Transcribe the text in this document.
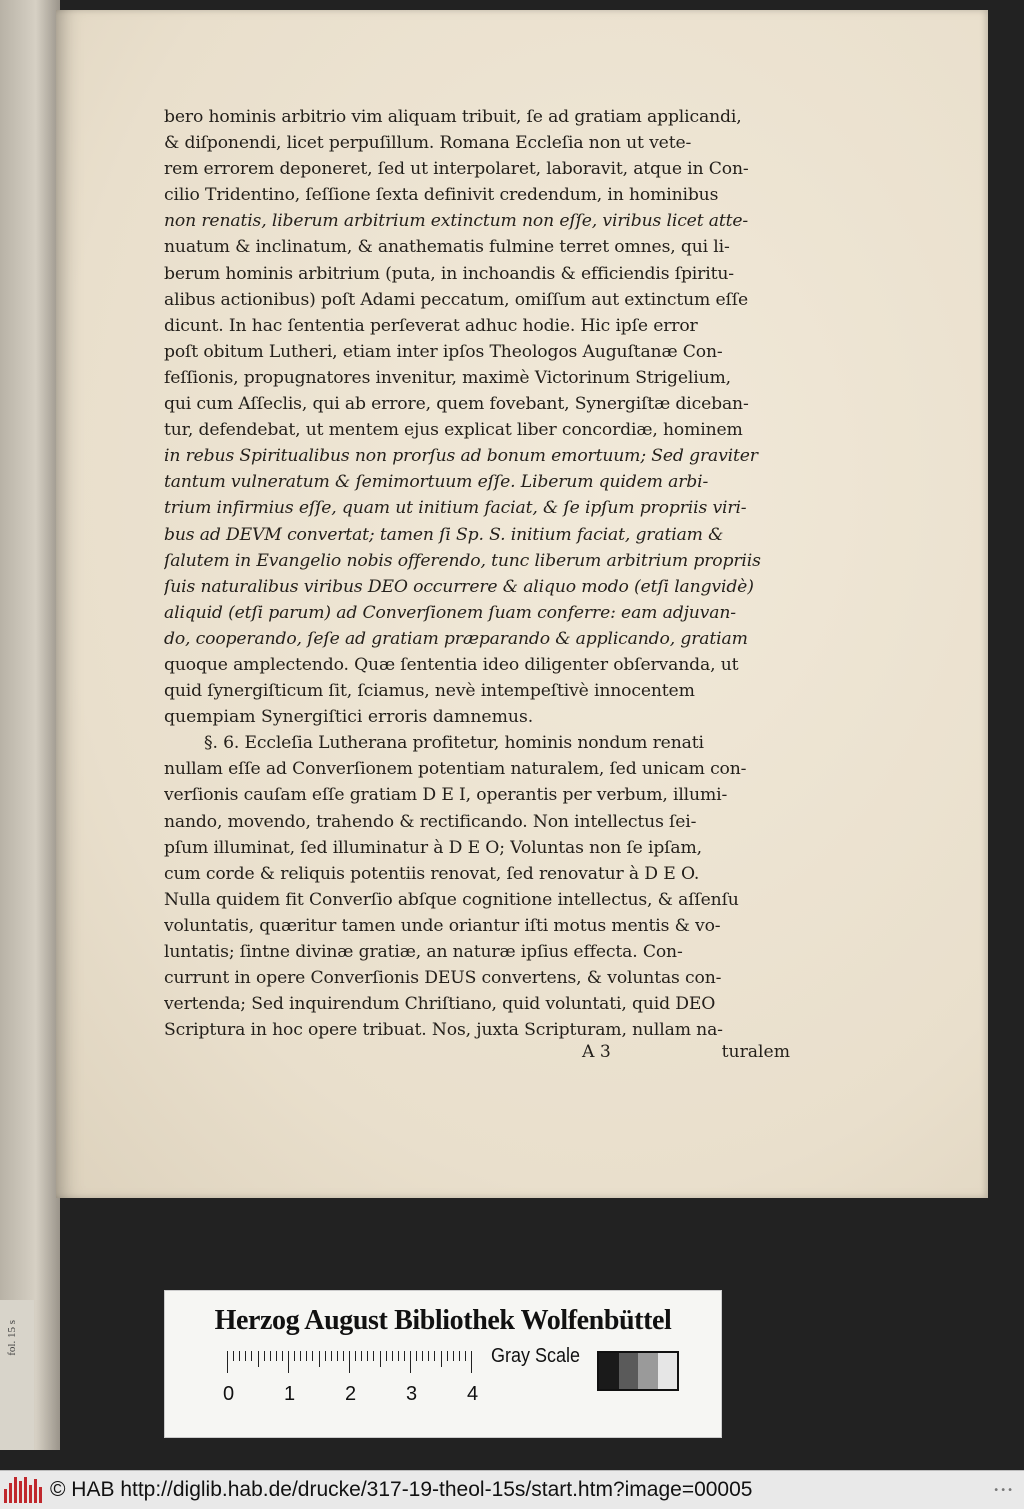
fol. 15 s
bero hominis arbitrio vim aliquam tribuit, ſe ad gratiam applicandi,
& diſponendi, licet perpuſillum. Romana Eccleſia non ut vete-
rem errorem deponeret, ſed ut interpolaret, laboravit, atque in Con-
cilio Tridentino, ſeſſione ſexta definivit credendum, in hominibus
non renatis, liberum arbitrium extinctum non eſſe, viribus licet atte-
nuatum & inclinatum, & anathematis fulmine terret omnes, qui li-
berum hominis arbitrium (puta, in inchoandis & efficiendis ſpiritu-
alibus actionibus) poſt Adami peccatum, omiſſum aut extinctum eſſe
dicunt. In hac ſententia perſeverat adhuc hodie. Hic ipſe error
poſt obitum Lutheri, etiam inter ipſos Theologos Auguſtanæ Con-
feſſionis, propugnatores invenitur, maximè Victorinum Strigelium,
qui cum Aſſeclis, qui ab errore, quem fovebant, Synergiſtæ diceban-
tur, defendebat, ut mentem ejus explicat liber concordiæ, hominem
in rebus Spiritualibus non prorſus ad bonum emortuum; Sed graviter
tantum vulneratum & ſemimortuum eſſe. Liberum quidem arbi-
trium infirmius eſſe, quam ut initium faciat, & ſe ipſum propriis viri-
bus ad DEVM convertat; tamen ſi Sp. S. initium faciat, gratiam &
ſalutem in Evangelio nobis offerendo, tunc liberum arbitrium propriis
ſuis naturalibus viribus DEO occurrere & aliquo modo (etſi langvidè)
aliquid (etſi parum) ad Converſionem ſuam conferre: eam adjuvan-
do, cooperando, ſeſe ad gratiam præparando & applicando, gratiam
quoque amplectendo. Quæ ſententia ideo diligenter obſervanda, ut
quid ſynergiſticum ſit, ſciamus, nevè intempeſtivè innocentem
quempiam Synergiſtici erroris damnemus.
§. 6. Eccleſia Lutherana profitetur, hominis nondum renati
nullam eſſe ad Converſionem potentiam naturalem, ſed unicam con-
verſionis cauſam eſſe gratiam D E I, operantis per verbum, illumi-
nando, movendo, trahendo & rectificando. Non intellectus ſei-
pſum illuminat, ſed illuminatur à D E O; Voluntas non ſe ipſam,
cum corde & reliquis potentiis renovat, ſed renovatur à D E O.
Nulla quidem fit Converſio abſque cognitione intellectus, & aſſenſu
voluntatis, quæritur tamen unde oriantur iſti motus mentis & vo-
luntatis; ſintne divinæ gratiæ, an naturæ ipſius effecta. Con-
currunt in opere Converſionis DEUS convertens, & voluntas con-
vertenda; Sed inquirendum Chriſtiano, quid voluntati, quid DEO
Scriptura in hoc opere tribuat. Nos, juxta Scripturam, nullam na-
A 3	turalem
Herzog August Bibliothek Wolfenbüttel
0 1 2 3 4
Gray Scale
© HAB http://diglib.hab.de/drucke/317-19-theol-15s/start.htm?image=00005	•••
